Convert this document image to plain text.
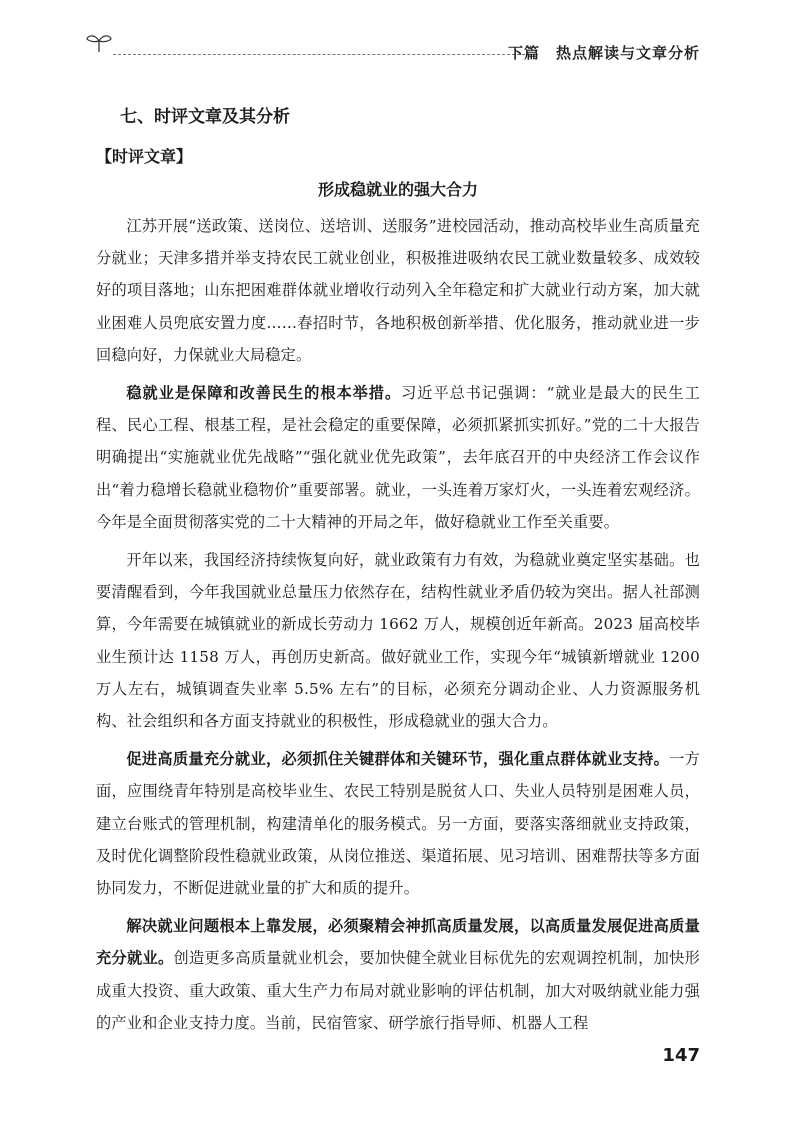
下篇　热点解读与文章分析
七、时评文章及其分析
【时评文章】
形成稳就业的强大合力

江苏开展“送政策、送岗位、送培训、送服务”进校园活动，推动高校毕业生高质量充分就业；天津多措并举支持农民工就业创业，积极推进吸纳农民工就业数量较多、成效较好的项目落地；山东把困难群体就业增收行动列入全年稳定和扩大就业行动方案，加大就业困难人员兜底安置力度……春招时节，各地积极创新举措、优化服务，推动就业进一步回稳向好，力保就业大局稳定。

稳就业是保障和改善民生的根本举措。习近平总书记强调：“就业是最大的民生工程、民心工程、根基工程，是社会稳定的重要保障，必须抓紧抓实抓好。”党的二十大报告明确提出“实施就业优先战略”“强化就业优先政策”，去年底召开的中央经济工作会议作出“着力稳增长稳就业稳物价”重要部署。就业，一头连着万家灯火，一头连着宏观经济。今年是全面贯彻落实党的二十大精神的开局之年，做好稳就业工作至关重要。

开年以来，我国经济持续恢复向好，就业政策有力有效，为稳就业奠定坚实基础。也要清醒看到，今年我国就业总量压力依然存在，结构性就业矛盾仍较为突出。据人社部测算，今年需要在城镇就业的新成长劳动力 1662 万人，规模创近年新高。2023 届高校毕业生预计达 1158 万人，再创历史新高。做好就业工作，实现今年“城镇新增就业 1200 万人左右，城镇调查失业率 5.5% 左右”的目标，必须充分调动企业、人力资源服务机构、社会组织和各方面支持就业的积极性，形成稳就业的强大合力。

促进高质量充分就业，必须抓住关键群体和关键环节，强化重点群体就业支持。一方面，应围绕青年特别是高校毕业生、农民工特别是脱贫人口、失业人员特别是困难人员，建立台账式的管理机制，构建清单化的服务模式。另一方面，要落实落细就业支持政策，及时优化调整阶段性稳就业政策，从岗位推送、渠道拓展、见习培训、困难帮扶等多方面协同发力，不断促进就业量的扩大和质的提升。

解决就业问题根本上靠发展，必须聚精会神抓高质量发展，以高质量发展促进高质量充分就业。创造更多高质量就业机会，要加快健全就业目标优先的宏观调控机制，加快形成重大投资、重大政策、重大生产力布局对就业影响的评估机制，加大对吸纳就业能力强的产业和企业支持力度。当前，民宿管家、研学旅行指导师、机器人工程

147
